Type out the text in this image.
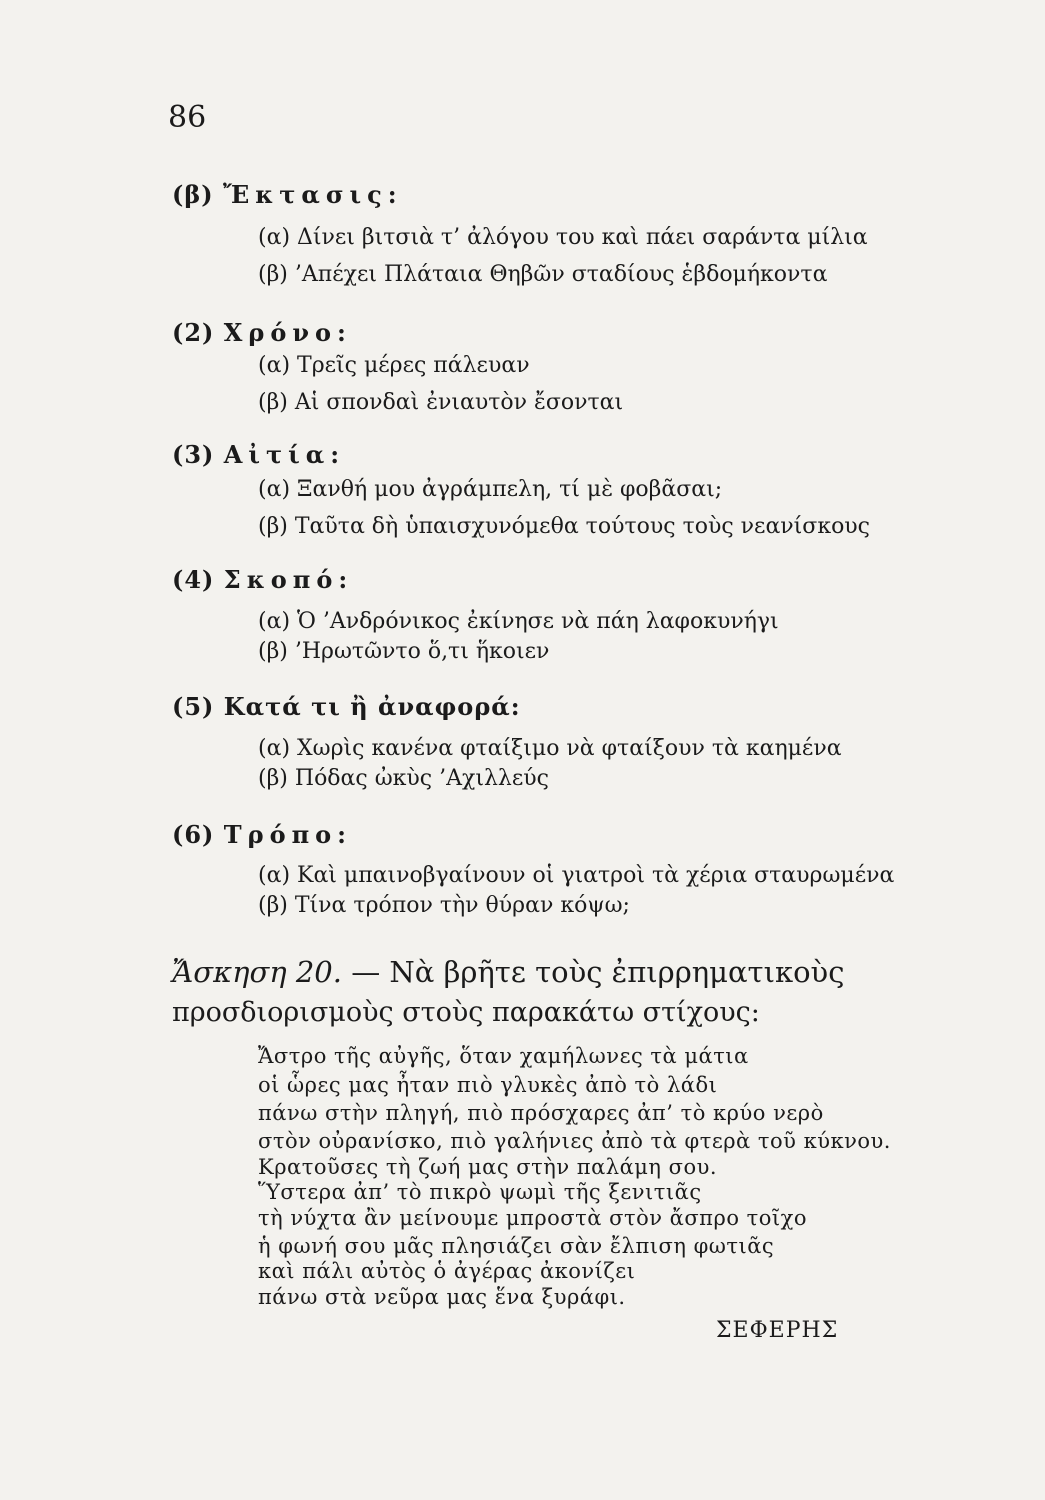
86
(β) Ἔκτασις:
(α) Δίνει βιτσιὰ τ’ ἀλόγου του καὶ πάει σαράντα μίλια
(β) ’Απέχει Πλάταια Θηβῶν σταδίους ἑβδομήκοντα
(2) Χρόνο:
(α) Τρεῖς μέρες πάλευαν
(β) Αἱ σπονδαὶ ἐνιαυτὸν ἔσονται
(3) Αἰτία:
(α) Ξανθή μου ἀγράμπελη, τί μὲ φοβᾶσαι;
(β) Ταῦτα δὴ ὑπαισχυνόμεθα τούτους τοὺς νεανίσκους
(4) Σκοπό:
(α) Ὁ ’Ανδρόνικος ἐκίνησε νὰ πάη λαφοκυνήγι
(β) ’Ηρωτῶντο ὅ,τι ἥκοιεν
(5) Κατά τι ἢ ἀναφορά:
(α) Χωρὶς κανένα φταίξιμο νὰ φταίξουν τὰ καημένα
(β) Πόδας ὠκὺς ’Αχιλλεύς
(6) Τρόπο:
(α) Καὶ μπαινοβγαίνουν οἱ γιατροὶ τὰ χέρια σταυρωμένα
(β) Τίνα τρόπον τὴν θύραν κόψω;
Ἄσκηση 20. — Νὰ βρῆτε τοὺς ἐπιρρηματικοὺς
προσδιορισμοὺς στοὺς παρακάτω στίχους:
Ἄστρο τῆς αὐγῆς, ὅταν χαμήλωνες τὰ μάτια
οἱ ὧρες μας ἦταν πιὸ γλυκὲς ἀπὸ τὸ λάδι
πάνω στὴν πληγή, πιὸ πρόσχαρες ἀπ’ τὸ κρύο νερὸ
στὸν οὐρανίσκο, πιὸ γαλήνιες ἀπὸ τὰ φτερὰ τοῦ κύκνου.
Κρατοῦσες τὴ ζωή μας στὴν παλάμη σου.
Ὕστερα ἀπ’ τὸ πικρὸ ψωμὶ τῆς ξενιτιᾶς
τὴ νύχτα ἂν μείνουμε μπροστὰ στὸν ἄσπρο τοῖχο
ἡ φωνή σου μᾶς πλησιάζει σὰν ἔλπιση φωτιᾶς
καὶ πάλι αὐτὸς ὁ ἀγέρας ἀκονίζει
πάνω στὰ νεῦρα μας ἕνα ξυράφι.
ΣΕΦΕΡΗΣ
